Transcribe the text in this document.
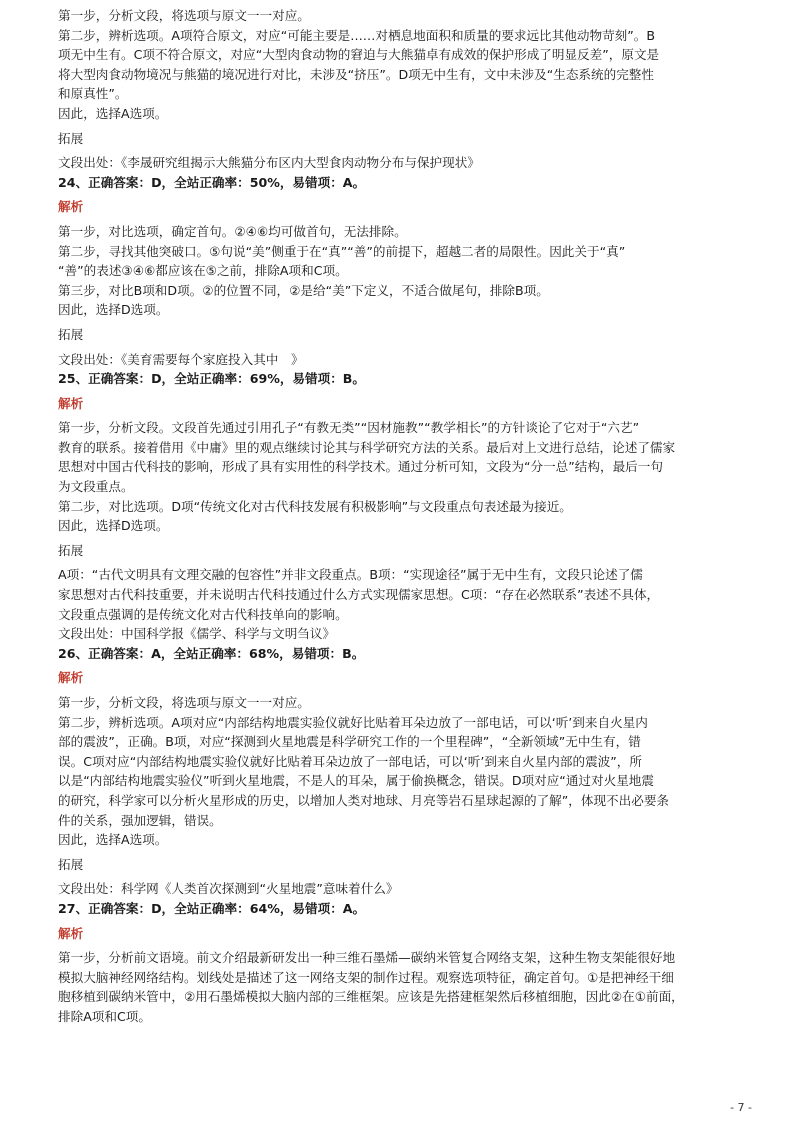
第一步，分析文段，将选项与原文一一对应。
第二步，辨析选项。A项符合原文，对应“可能主要是……对栖息地面积和质量的要求远比其他动物苛刻”。B
项无中生有。C项不符合原文，对应“大型肉食动物的窘迫与大熊猫卓有成效的保护形成了明显反差”，原文是
将大型肉食动物境况与熊猫的境况进行对比，未涉及“挤压”。D项无中生有，文中未涉及“生态系统的完整性
和原真性”。
因此，选择A选项。
拓展
文段出处：《李晟研究组揭示大熊猫分布区内大型食肉动物分布与保护现状》
24、正确答案：D，全站正确率：50%，易错项：A。
解析
第一步，对比选项，确定首句。②④⑥均可做首句，无法排除。
第二步，寻找其他突破口。⑤句说“美”侧重于在“真”“善”的前提下，超越二者的局限性。因此关于“真”
“善”的表述③④⑥都应该在⑤之前，排除A项和C项。
第三步，对比B项和D项。②的位置不同，②是给“美”下定义，不适合做尾句，排除B项。
因此，选择D选项。
拓展
文段出处：《美育需要每个家庭投入其中　》
25、正确答案：D，全站正确率：69%，易错项：B。
解析
第一步，分析文段。文段首先通过引用孔子“有教无类”“因材施教”“教学相长”的方针谈论了它对于“六艺”
教育的联系。接着借用《中庸》里的观点继续讨论其与科学研究方法的关系。最后对上文进行总结，论述了儒家
思想对中国古代科技的影响，形成了具有实用性的科学技术。通过分析可知，文段为“分一总”结构，最后一句
为文段重点。
第二步，对比选项。D项“传统文化对古代科技发展有积极影响”与文段重点句表述最为接近。
因此，选择D选项。
拓展
A项：“古代文明具有文理交融的包容性”并非文段重点。B项：“实现途径”属于无中生有，文段只论述了儒
家思想对古代科技重要，并未说明古代科技通过什么方式实现儒家思想。C项：“存在必然联系”表述不具体，
文段重点强调的是传统文化对古代科技单向的影响。
文段出处：中国科学报《儒学、科学与文明刍议》
26、正确答案：A，全站正确率：68%，易错项：B。
解析
第一步，分析文段，将选项与原文一一对应。
第二步，辨析选项。A项对应“内部结构地震实验仪就好比贴着耳朵边放了一部电话，可以‘听’到来自火星内
部的震波”，正确。B项，对应“探测到火星地震是科学研究工作的一个里程碑”，“全新领域”无中生有，错
误。C项对应“内部结构地震实验仪就好比贴着耳朵边放了一部电话，可以‘听’到来自火星内部的震波”，所
以是“内部结构地震实验仪”听到火星地震，不是人的耳朵，属于偷换概念，错误。D项对应“通过对火星地震
的研究，科学家可以分析火星形成的历史，以增加人类对地球、月亮等岩石星球起源的了解”，体现不出必要条
件的关系，强加逻辑，错误。
因此，选择A选项。
拓展
文段出处：科学网《人类首次探测到“火星地震”意味着什么》
27、正确答案：D，全站正确率：64%，易错项：A。
解析
第一步，分析前文语境。前文介绍最新研发出一种三维石墨烯—碳纳米管复合网络支架，这种生物支架能很好地
模拟大脑神经网络结构。划线处是描述了这一网络支架的制作过程。观察选项特征，确定首句。①是把神经干细
胞移植到碳纳米管中，②用石墨烯模拟大脑内部的三维框架。应该是先搭建框架然后移植细胞，因此②在①前面，
排除A项和C项。
- 7 -
